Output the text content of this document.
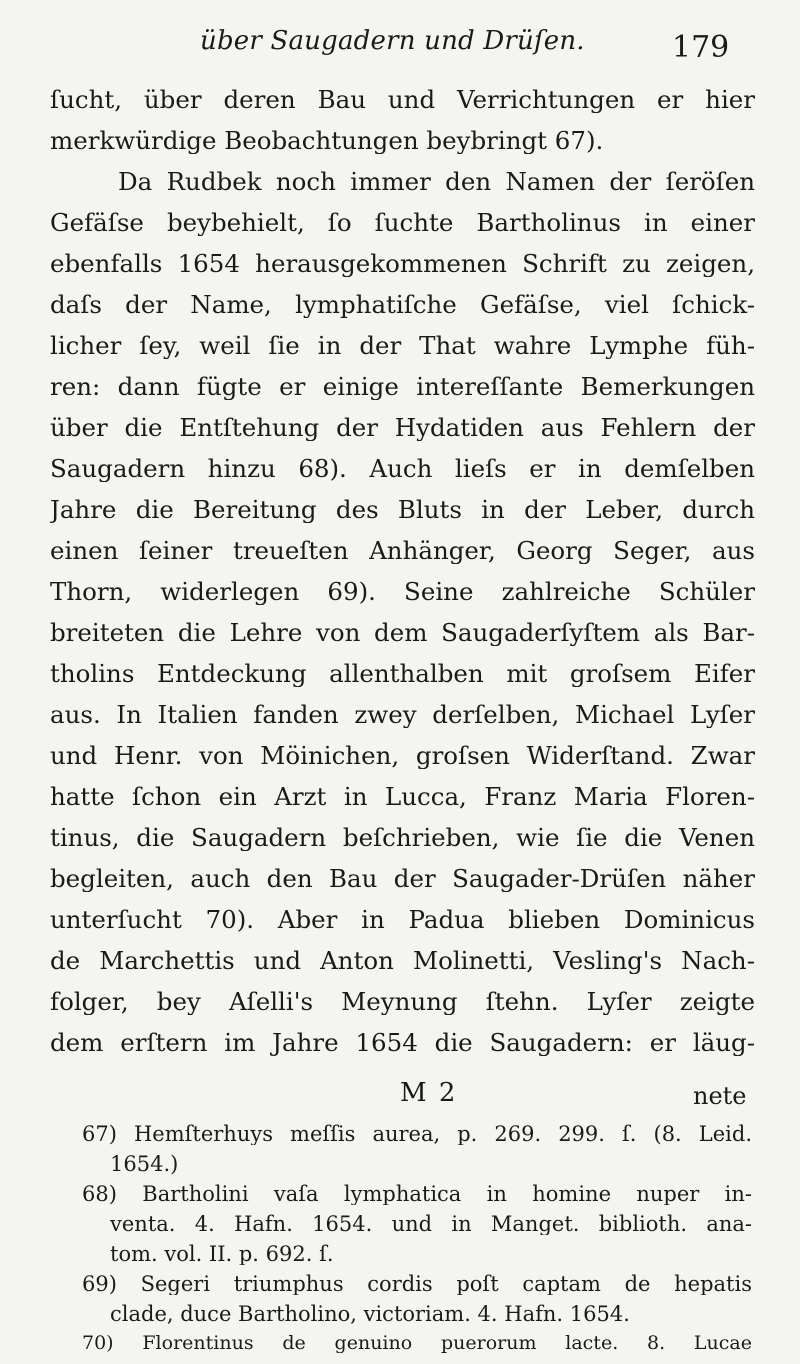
über Saugadern und Drüſen.	179
ſucht, über deren Bau und Verrichtungen er hier
merkwürdige Beobachtungen beybringt 67).
Da Rudbek noch immer den Namen der ſeröſen
Gefäſse beybehielt, ſo ſuchte Bartholinus in einer
ebenfalls 1654 herausgekommenen Schrift zu zeigen,
daſs der Name, lymphatiſche Gefäſse, viel ſchick-
licher ſey, weil ſie in der That wahre Lymphe füh-
ren: dann fügte er einige intereſſante Bemerkungen
über die Entſtehung der Hydatiden aus Fehlern der
Saugadern hinzu 68). Auch lieſs er in demſelben
Jahre die Bereitung des Bluts in der Leber, durch
einen ſeiner treueſten Anhänger, Georg Seger, aus
Thorn, widerlegen 69). Seine zahlreiche Schüler
breiteten die Lehre von dem Saugaderſyſtem als Bar-
tholins Entdeckung allenthalben mit groſsem Eifer
aus. In Italien fanden zwey derſelben, Michael Lyſer
und Henr. von Möinichen, groſsen Widerſtand. Zwar
hatte ſchon ein Arzt in Lucca, Franz Maria Floren-
tinus, die Saugadern beſchrieben, wie ſie die Venen
begleiten, auch den Bau der Saugader-Drüſen näher
unterſucht 70). Aber in Padua blieben Dominicus
de Marchettis und Anton Molinetti, Vesling's Nach-
folger, bey Aſelli's Meynung ſtehn. Lyſer zeigte
dem erſtern im Jahre 1654 die Saugadern: er läug-
M 2	nete
67) Hemſterhuys meſſis aurea, p. 269. 299. ſ. (8. Leid.
1654.)
68) Bartholini vaſa lymphatica in homine nuper in-
venta. 4. Hafn. 1654. und in Manget. biblioth. ana-
tom. vol. II. p. 692. ſ.
69) Segeri triumphus cordis poſt captam de hepatis
clade, duce Bartholino, victoriam. 4. Hafn. 1654.
70) Florentinus de genuino puerorum lacte. 8. Lucae
